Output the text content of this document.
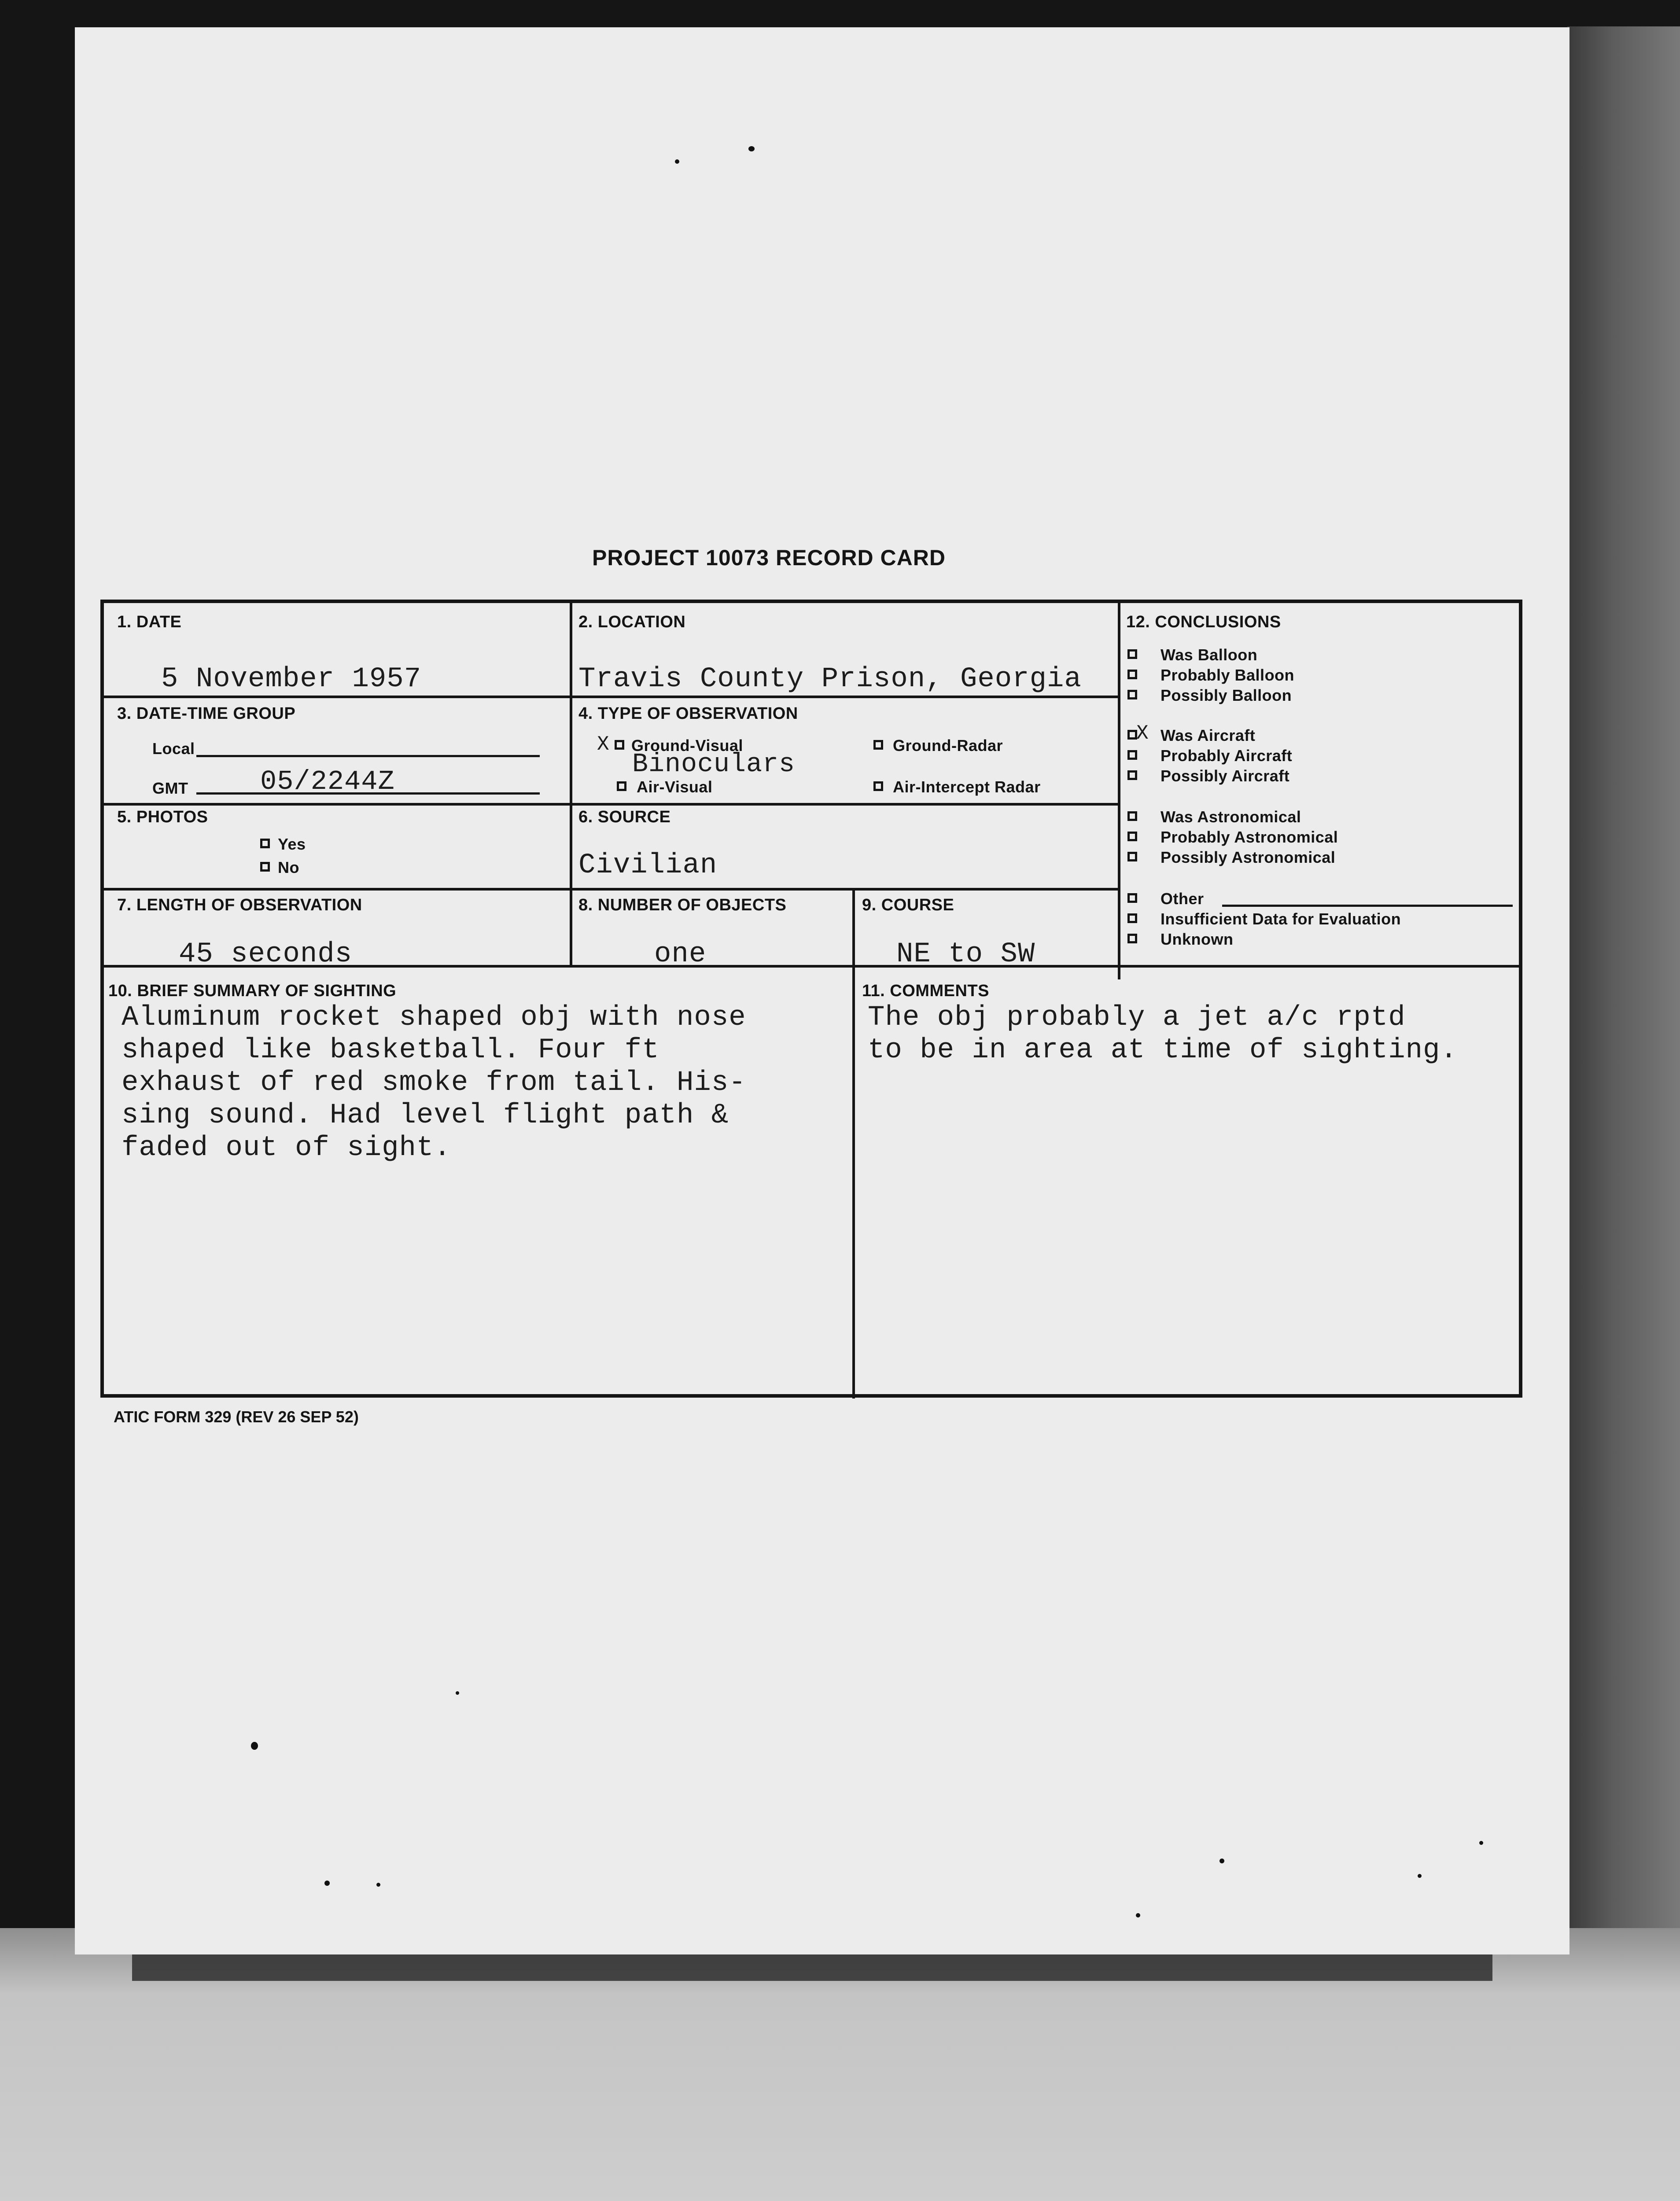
PROJECT 10073 RECORD CARD
1. DATE
5 November 1957
2. LOCATION
Travis County Prison, Georgia
3. DATE-TIME GROUP
Local
GMT	05/2244Z
4. TYPE OF OBSERVATION
X Ground-Visual
Binoculars
Air-Visual
Ground-Radar
Air-Intercept Radar
5. PHOTOS
Yes
No
6. SOURCE
Civilian
7. LENGTH OF OBSERVATION
45 seconds
8. NUMBER OF OBJECTS
one
9. COURSE
NE to SW
10. BRIEF SUMMARY OF SIGHTING
Aluminum rocket shaped obj with nose
shaped like basketball. Four ft
exhaust of red smoke from tail. His-
sing sound. Had level flight path &
faded out of sight.
11. COMMENTS
The obj probably a jet a/c rptd
to be in area at time of sighting.
12. CONCLUSIONS
Was Balloon
Probably Balloon
Possibly Balloon
X Was Aircraft
Probably Aircraft
Possibly Aircraft
Was Astronomical
Probably Astronomical
Possibly Astronomical
Other
Insufficient Data for Evaluation
Unknown
ATIC FORM 329 (REV 26 SEP 52)
